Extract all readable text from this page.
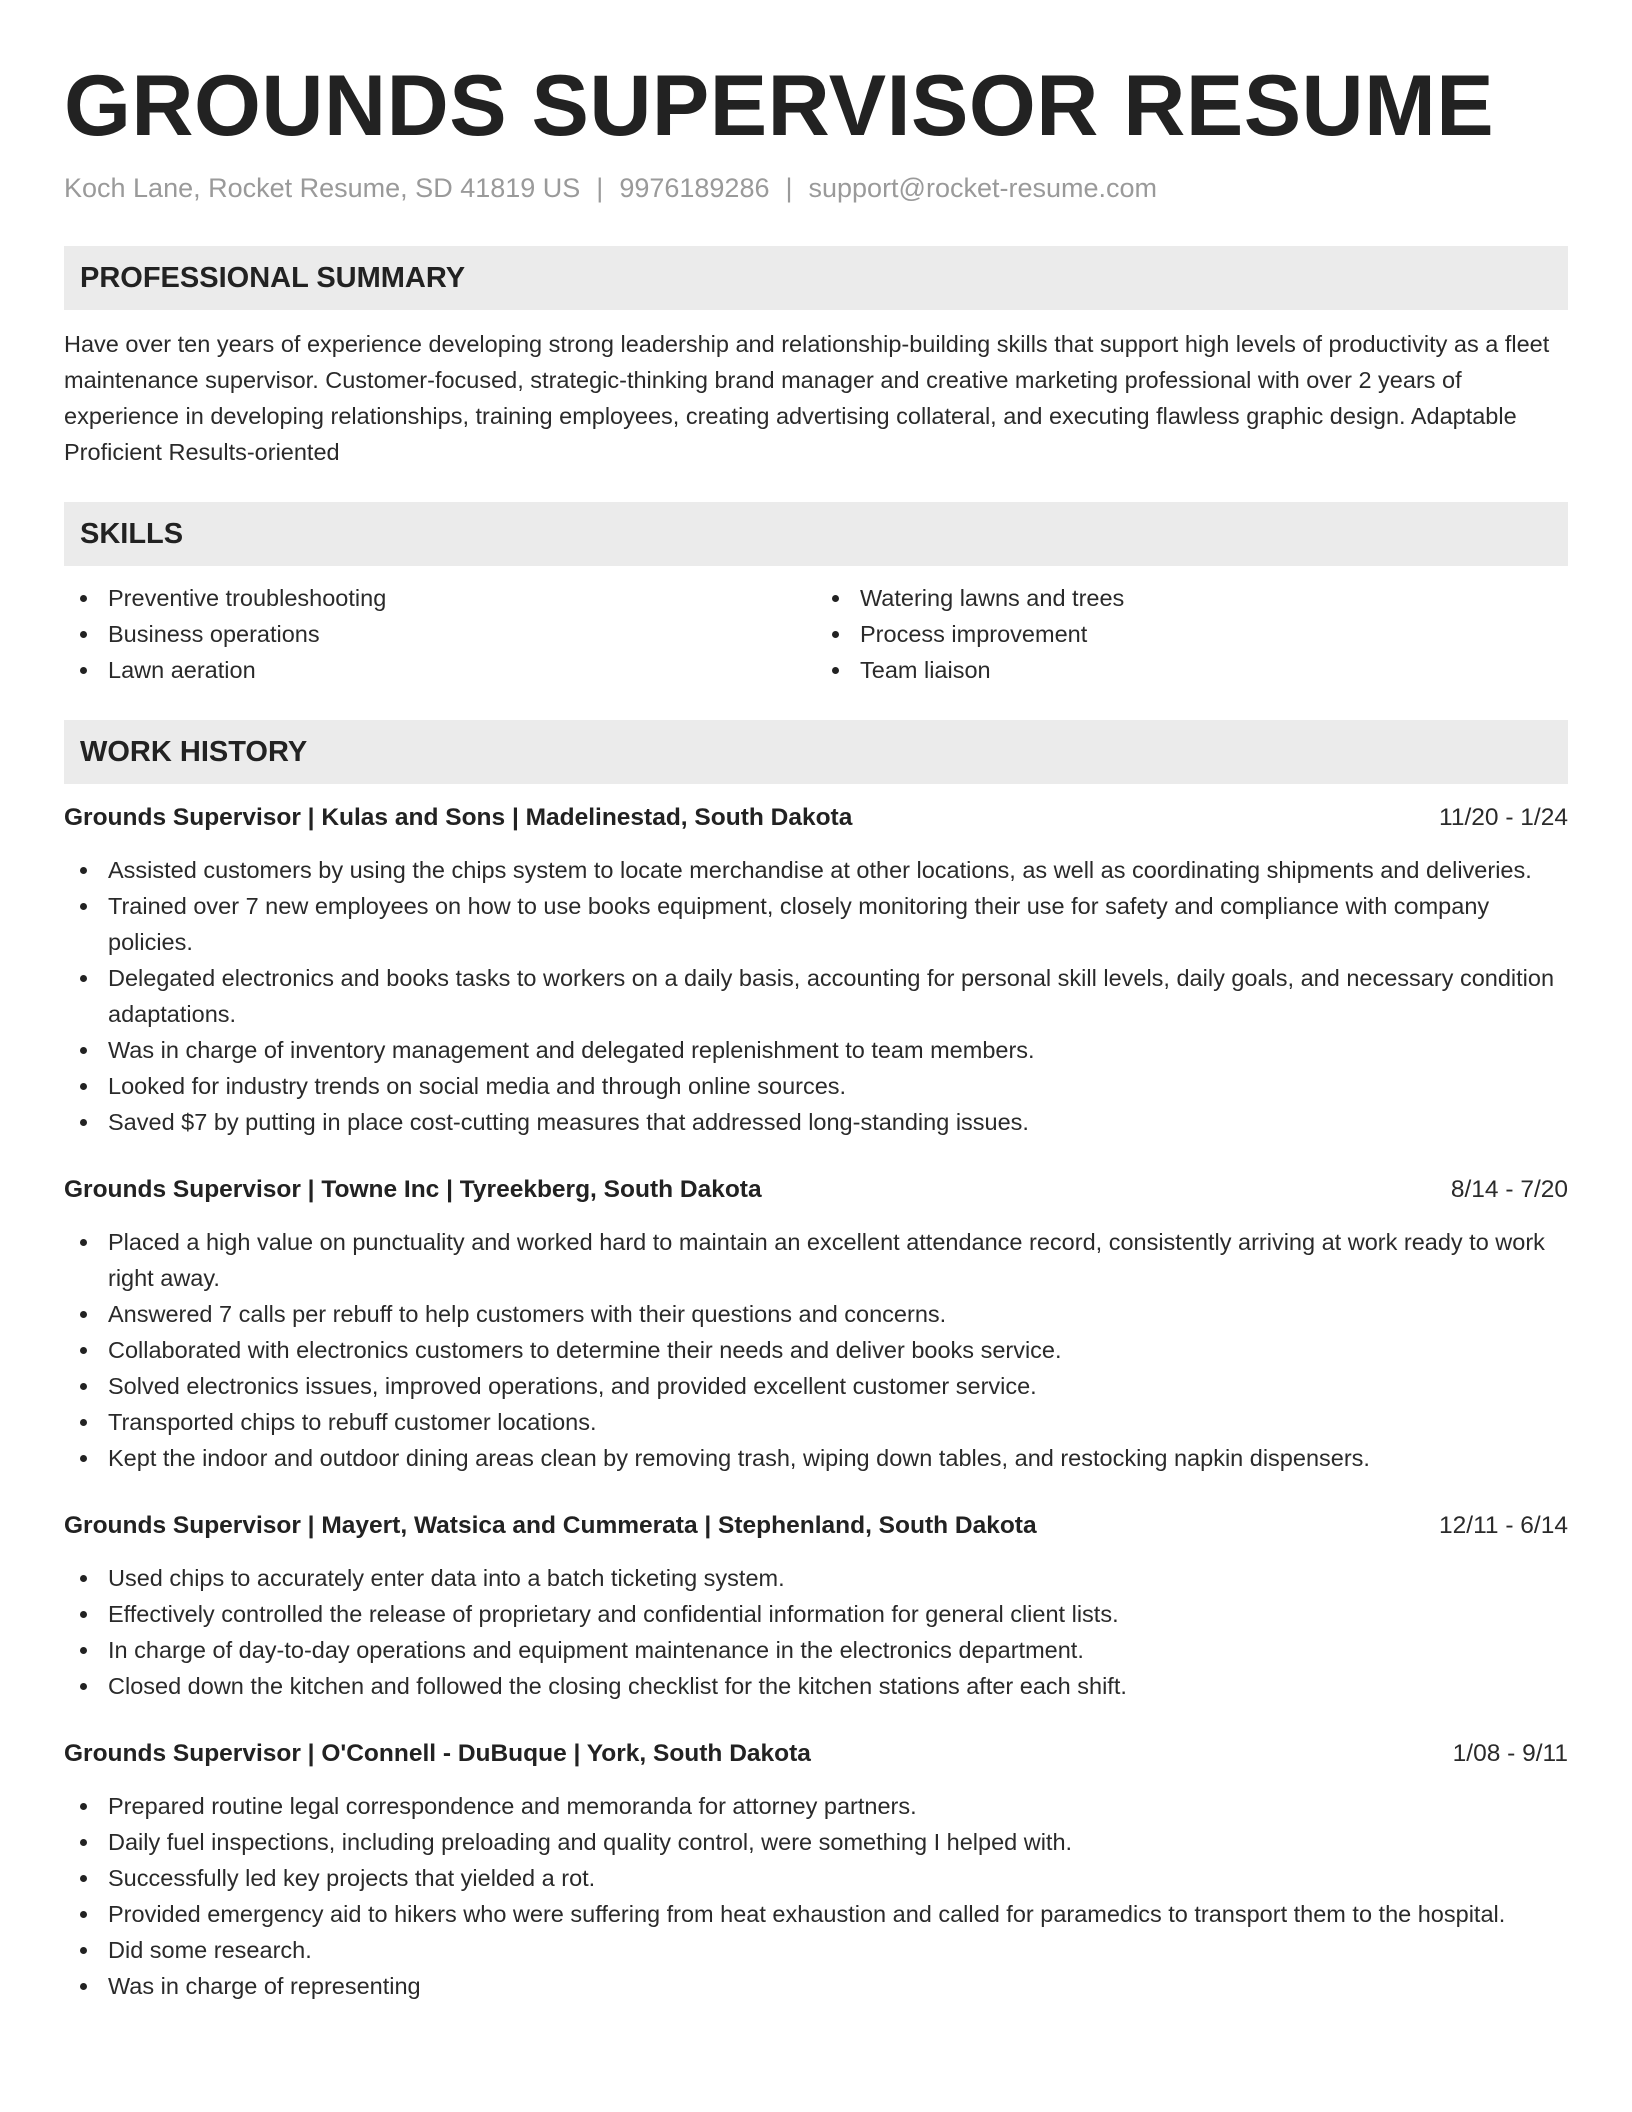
GROUNDS SUPERVISOR RESUME
Koch Lane, Rocket Resume, SD 41819 US | 9976189286 | support@rocket-resume.com
PROFESSIONAL SUMMARY

Have over ten years of experience developing strong leadership and relationship-building skills that support high levels of productivity as a fleet maintenance supervisor. Customer-focused, strategic-thinking brand manager and creative marketing professional with over 2 years of experience in developing relationships, training employees, creating advertising collateral, and executing flawless graphic design. Adaptable Proficient Results-oriented

SKILLS
Preventive troubleshooting
Business operations
Lawn aeration
Watering lawns and trees
Process improvement
Team liaison
WORK HISTORY
Grounds Supervisor | Kulas and Sons | Madelinestad, South Dakota	11/20 - 1/24
Assisted customers by using the chips system to locate merchandise at other locations, as well as coordinating shipments and deliveries.
Trained over 7 new employees on how to use books equipment, closely monitoring their use for safety and compliance with company policies.
Delegated electronics and books tasks to workers on a daily basis, accounting for personal skill levels, daily goals, and necessary condition adaptations.
Was in charge of inventory management and delegated replenishment to team members.
Looked for industry trends on social media and through online sources.
Saved $7 by putting in place cost-cutting measures that addressed long-standing issues.
Grounds Supervisor | Towne Inc | Tyreekberg, South Dakota	8/14 - 7/20
Placed a high value on punctuality and worked hard to maintain an excellent attendance record, consistently arriving at work ready to work right away.
Answered 7 calls per rebuff to help customers with their questions and concerns.
Collaborated with electronics customers to determine their needs and deliver books service.
Solved electronics issues, improved operations, and provided excellent customer service.
Transported chips to rebuff customer locations.
Kept the indoor and outdoor dining areas clean by removing trash, wiping down tables, and restocking napkin dispensers.
Grounds Supervisor | Mayert, Watsica and Cummerata | Stephenland, South Dakota	12/11 - 6/14
Used chips to accurately enter data into a batch ticketing system.
Effectively controlled the release of proprietary and confidential information for general client lists.
In charge of day-to-day operations and equipment maintenance in the electronics department.
Closed down the kitchen and followed the closing checklist for the kitchen stations after each shift.
Grounds Supervisor | O'Connell - DuBuque | York, South Dakota	1/08 - 9/11
Prepared routine legal correspondence and memoranda for attorney partners.
Daily fuel inspections, including preloading and quality control, were something I helped with.
Successfully led key projects that yielded a rot.
Provided emergency aid to hikers who were suffering from heat exhaustion and called for paramedics to transport them to the hospital.
Did some research.
Was in charge of representing
